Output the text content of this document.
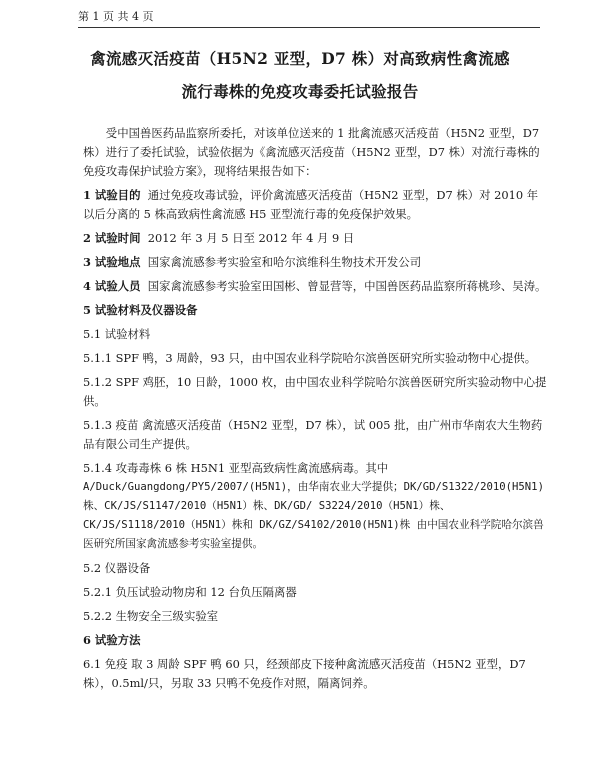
第 1 页 共 4 页
禽流感灭活疫苗（H5N2 亚型，D7 株）对高致病性禽流感
流行毒株的免疫攻毒委托试验报告

受中国兽医药品监察所委托，对该单位送来的 1 批禽流感灭活疫苗（H5N2 亚型，D7 株）进行了委托试验，试验依据为《禽流感灭活疫苗（H5N2 亚型，D7 株）对流行毒株的免疫攻毒保护试验方案》，现将结果报告如下：

1 试验目的 通过免疫攻毒试验，评价禽流感灭活疫苗（H5N2 亚型，D7 株）对 2010 年以后分离的 5 株高致病性禽流感 H5 亚型流行毒的免疫保护效果。

2 试验时间 2012 年 3 月 5 日至 2012 年 4 月 9 日

3 试验地点 国家禽流感参考实验室和哈尔滨维科生物技术开发公司

4 试验人员 国家禽流感参考实验室田国彬、曾显营等，中国兽医药品监察所蒋桃珍、吴涛。

5 试验材料及仪器设备

5.1 试验材料

5.1.1 SPF 鸭，3 周龄，93 只，由中国农业科学院哈尔滨兽医研究所实验动物中心提供。

5.1.2 SPF 鸡胚，10 日龄，1000 枚，由中国农业科学院哈尔滨兽医研究所实验动物中心提供。

5.1.3 疫苗 禽流感灭活疫苗（H5N2 亚型，D7 株），试 005 批，由广州市华南农大生物药品有限公司生产提供。

5.1.4 攻毒毒株 6 株 H5N1 亚型高致病性禽流感病毒。其中

A/Duck/Guangdong/PY5/2007/(H5N1)，由华南农业大学提供；DK/GD/S1322/2010(H5N1)株、CK/JS/S1147/2010（H5N1）株、DK/GD/ S3224/2010（H5N1）株、CK/JS/S1118/2010（H5N1）株和 DK/GZ/S4102/2010(H5N1)株 由中国农业科学院哈尔滨兽医研究所国家禽流感参考实验室提供。

5.2 仪器设备

5.2.1 负压试验动物房和 12 台负压隔离器

5.2.2 生物安全三级实验室

6 试验方法

6.1 免疫 取 3 周龄 SPF 鸭 60 只，经颈部皮下接种禽流感灭活疫苗（H5N2 亚型，D7 株），0.5ml/只，另取 33 只鸭不免疫作对照，隔离饲养。
